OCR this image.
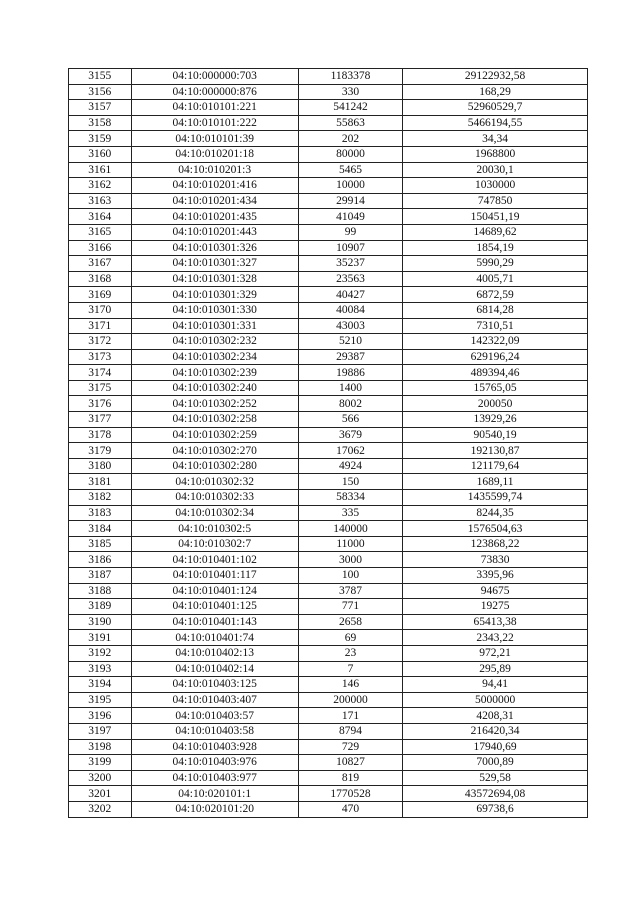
3155	04:10:000000:703	1183378	29122932,58
3156	04:10:000000:876	330	168,29
3157	04:10:010101:221	541242	52960529,7
3158	04:10:010101:222	55863	5466194,55
3159	04:10:010101:39	202	34,34
3160	04:10:010201:18	80000	1968800
3161	04:10:010201:3	5465	20030,1
3162	04:10:010201:416	10000	1030000
3163	04:10:010201:434	29914	747850
3164	04:10:010201:435	41049	150451,19
3165	04:10:010201:443	99	14689,62
3166	04:10:010301:326	10907	1854,19
3167	04:10:010301:327	35237	5990,29
3168	04:10:010301:328	23563	4005,71
3169	04:10:010301:329	40427	6872,59
3170	04:10:010301:330	40084	6814,28
3171	04:10:010301:331	43003	7310,51
3172	04:10:010302:232	5210	142322,09
3173	04:10:010302:234	29387	629196,24
3174	04:10:010302:239	19886	489394,46
3175	04:10:010302:240	1400	15765,05
3176	04:10:010302:252	8002	200050
3177	04:10:010302:258	566	13929,26
3178	04:10:010302:259	3679	90540,19
3179	04:10:010302:270	17062	192130,87
3180	04:10:010302:280	4924	121179,64
3181	04:10:010302:32	150	1689,11
3182	04:10:010302:33	58334	1435599,74
3183	04:10:010302:34	335	8244,35
3184	04:10:010302:5	140000	1576504,63
3185	04:10:010302:7	11000	123868,22
3186	04:10:010401:102	3000	73830
3187	04:10:010401:117	100	3395,96
3188	04:10:010401:124	3787	94675
3189	04:10:010401:125	771	19275
3190	04:10:010401:143	2658	65413,38
3191	04:10:010401:74	69	2343,22
3192	04:10:010402:13	23	972,21
3193	04:10:010402:14	7	295,89
3194	04:10:010403:125	146	94,41
3195	04:10:010403:407	200000	5000000
3196	04:10:010403:57	171	4208,31
3197	04:10:010403:58	8794	216420,34
3198	04:10:010403:928	729	17940,69
3199	04:10:010403:976	10827	7000,89
3200	04:10:010403:977	819	529,58
3201	04:10:020101:1	1770528	43572694,08
3202	04:10:020101:20	470	69738,6
